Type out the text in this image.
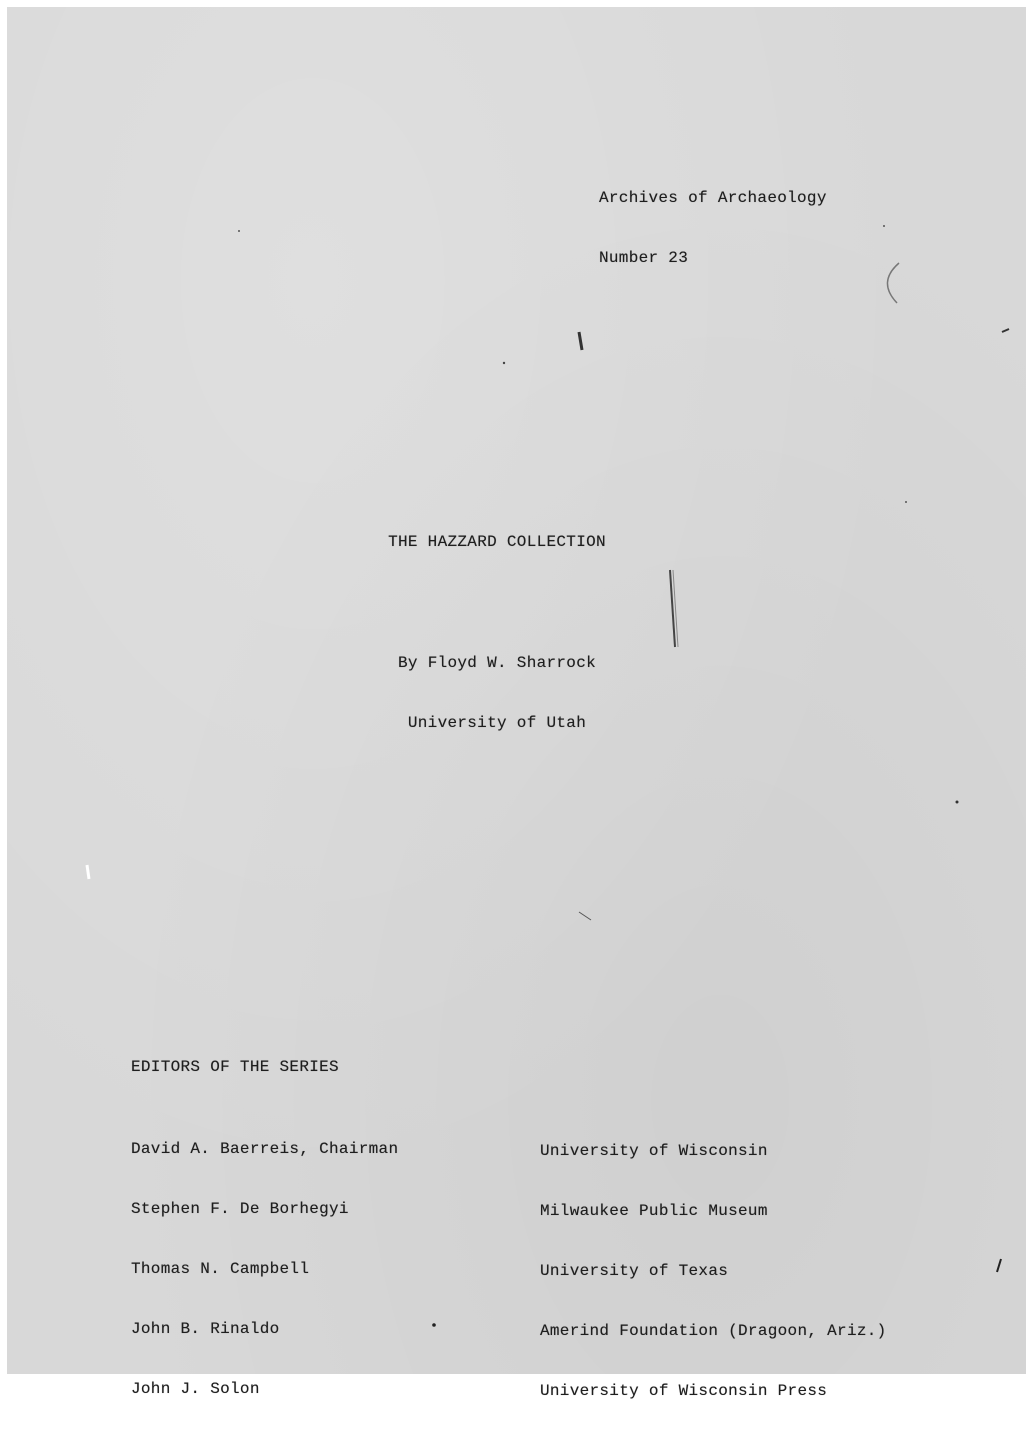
Archives of Archaeology

Number 23

THE HAZZARD COLLECTION

By Floyd W. Sharrock

University of Utah

EDITORS OF THE SERIES

David A. Baerreis, Chairman

Stephen F. De Borhegyi

Thomas N. Campbell

John B. Rinaldo

John J. Solon

University of Wisconsin

Milwaukee Public Museum

University of Texas

Amerind Foundation (Dragoon, Ariz.)

University of Wisconsin Press
